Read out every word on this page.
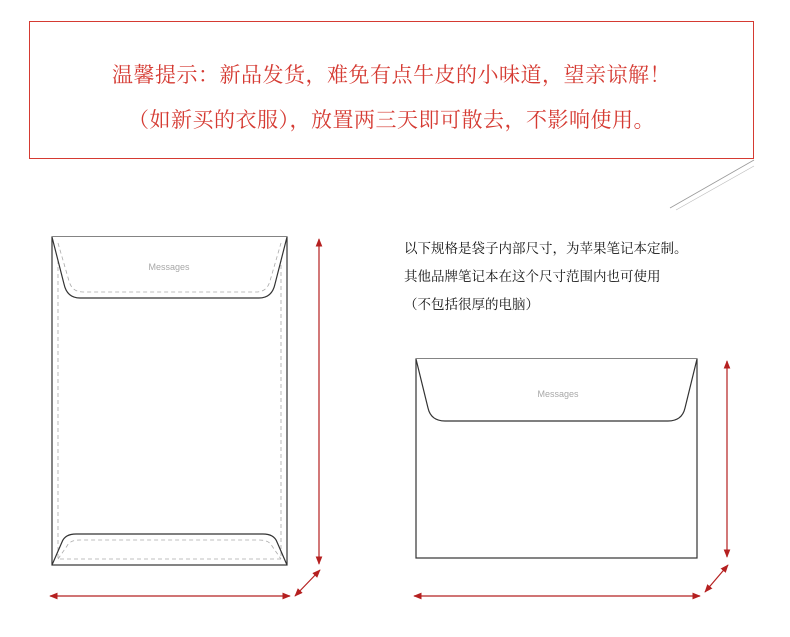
温馨提示：新品发货，难免有点牛皮的小味道，望亲谅解！
（如新买的衣服），放置两三天即可散去，不影响使用。
以下规格是袋子内部尺寸，为苹果笔记本定制。
其他品牌笔记本在这个尺寸范围内也可使用
（不包括很厚的电脑）
Messages
Messages
